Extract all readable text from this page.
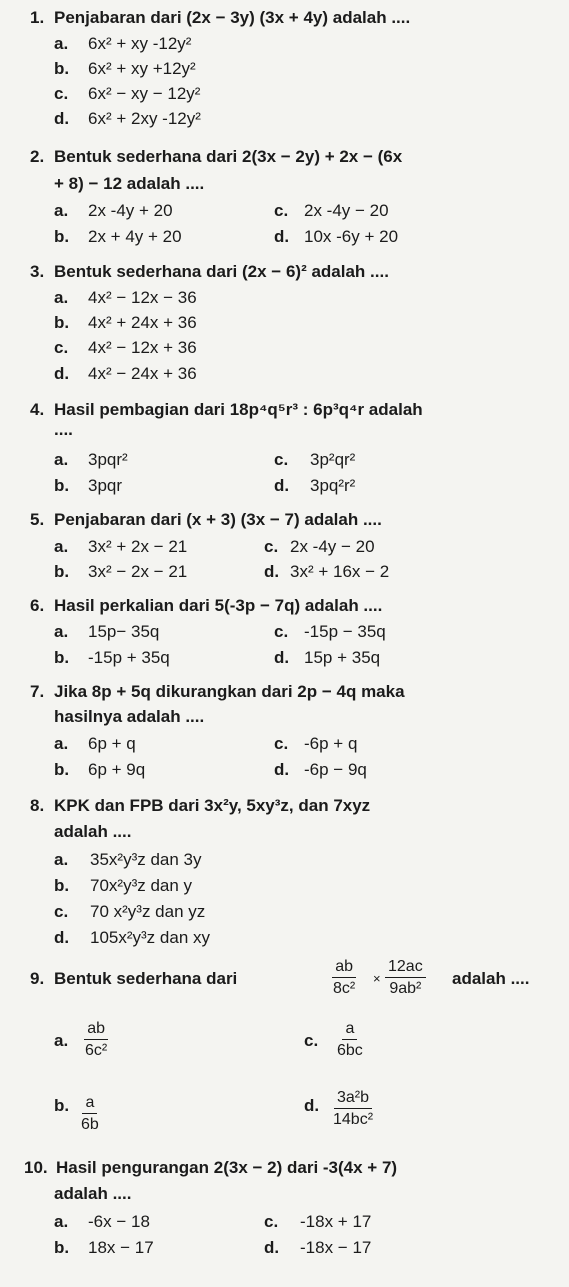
1. Penjabaran dari (2x − 3y) (3x + 4y) adalah ....
a. 6x² + xy -12y²
b. 6x² + xy +12y²
c. 6x² − xy − 12y²
d. 6x² + 2xy -12y²
2. Bentuk sederhana dari 2(3x − 2y) + 2x − (6x
+ 8) − 12 adalah ....
a. 2x -4y + 20	c. 2x -4y − 20
b. 2x + 4y + 20	d. 10x -6y + 20
3. Bentuk sederhana dari (2x − 6)² adalah ....
a. 4x² − 12x − 36
b. 4x² + 24x + 36
c. 4x² − 12x + 36
d. 4x² − 24x + 36
4. Hasil pembagian dari 18p⁴q⁵r³ : 6p³q⁴r adalah
....
a. 3pqr²	c. 3p²qr²
b. 3pqr	d. 3pq²r²
5. Penjabaran dari (x + 3) (3x − 7) adalah ....
a. 3x² + 2x − 21	c. 2x -4y − 20
b. 3x² − 2x − 21	d. 3x² + 16x − 2
6. Hasil perkalian dari 5(-3p − 7q) adalah ....
a. 15p− 35q	c. -15p − 35q
b. -15p + 35q	d. 15p + 35q
7. Jika 8p + 5q dikurangkan dari 2p − 4q maka
hasilnya adalah ....
a. 6p + q	c. -6p + q
b. 6p + 9q	d. -6p − 9q
8. KPK dan FPB dari 3x²y, 5xy³z, dan 7xyz
adalah ....
a. 35x²y³z dan 3y
b. 70x²y³z dan y
c. 70 x²y³z dan yz
d. 105x²y³z dan xy
9. Bentuk sederhana dari
ab
8c²
×
12ac
9ab²
adalah ....
a.
ab
6c²
c.
a
6bc
b. a
6b
d. 3a²b
14bc²
10. Hasil pengurangan 2(3x − 2) dari -3(4x + 7)
adalah ....
a. -6x − 18	c. -18x + 17
b. 18x − 17	d. -18x − 17
